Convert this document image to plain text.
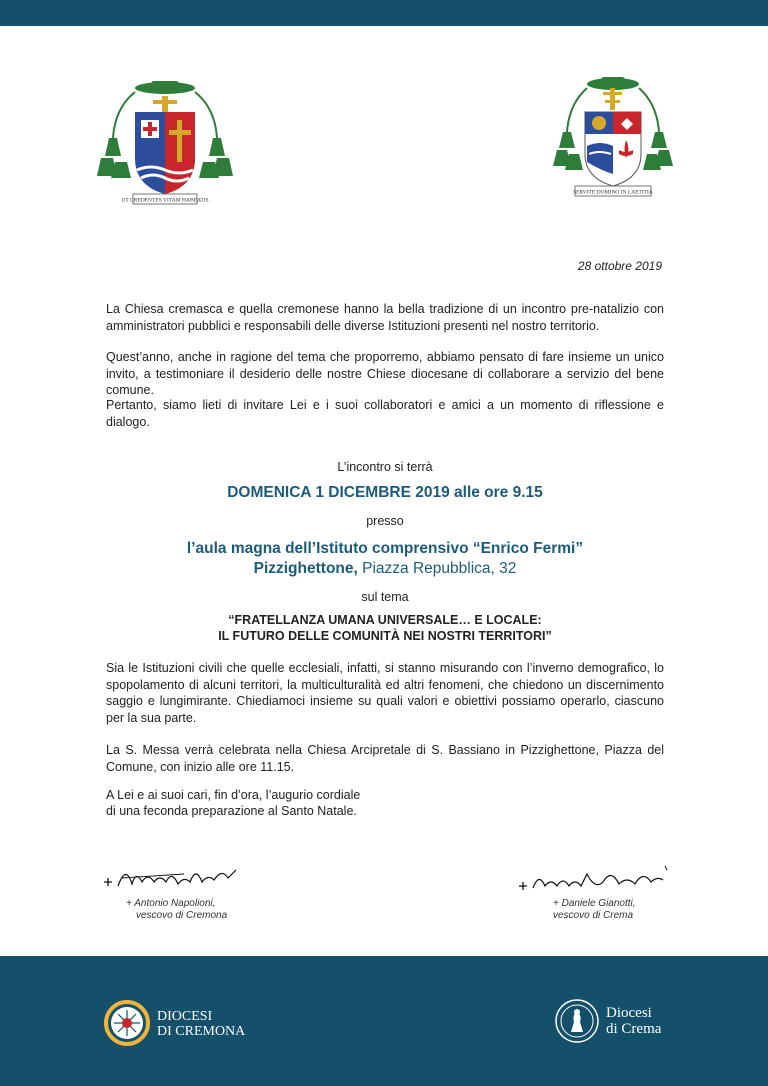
UT CREDENTES VITAM HABEATIS
SERVITE DOMINO IN LAETITIA
28 ottobre 2019

La Chiesa cremasca e quella cremonese hanno la bella tradizione di un incontro pre-natalizio con amministratori pubblici e responsabili delle diverse Istituzioni presenti nel nostro territorio.

Quest’anno, anche in ragione del tema che proporremo, abbiamo pensato di fare insieme un unico invito, a testimoniare il desiderio delle nostre Chiese diocesane di collaborare a servizio del bene comune.

Pertanto, siamo lieti di invitare Lei e i suoi collaboratori e amici a un momento di riflessione e dialogo.

L’incontro si terrà

DOMENICA 1 DICEMBRE 2019 alle ore 9.15

presso

l’aula magna dell’Istituto comprensivo “Enrico Fermi”

Pizzighettone, Piazza Repubblica, 32

sul tema

“FRATELLANZA UMANA UNIVERSALE… E LOCALE:

IL FUTURO DELLE COMUNITÀ NEI NOSTRI TERRITORI”

Sia le Istituzioni civili che quelle ecclesiali, infatti, si stanno misurando con l’inverno demografico, lo spopolamento di alcuni territori, la multiculturalità ed altri fenomeni, che chiedono un discernimento saggio e lungimirante. Chiediamoci insieme su quali valori e obiettivi possiamo operarlo, ciascuno per la sua parte.

La S. Messa verrà celebrata nella Chiesa Arcipretale di S. Bassiano in Pizzighettone, Piazza del Comune, con inizio alle ore 11.15.

A Lei e ai suoi cari, fin d’ora, l’augurio cordiale

di una feconda preparazione al Santo Natale.

+ Antonio Napolioni,
vescovo di Cremona
+ Daniele Gianotti,
vescovo di Crema
DIOCESI
DI CREMONA
Diocesi
di Crema
